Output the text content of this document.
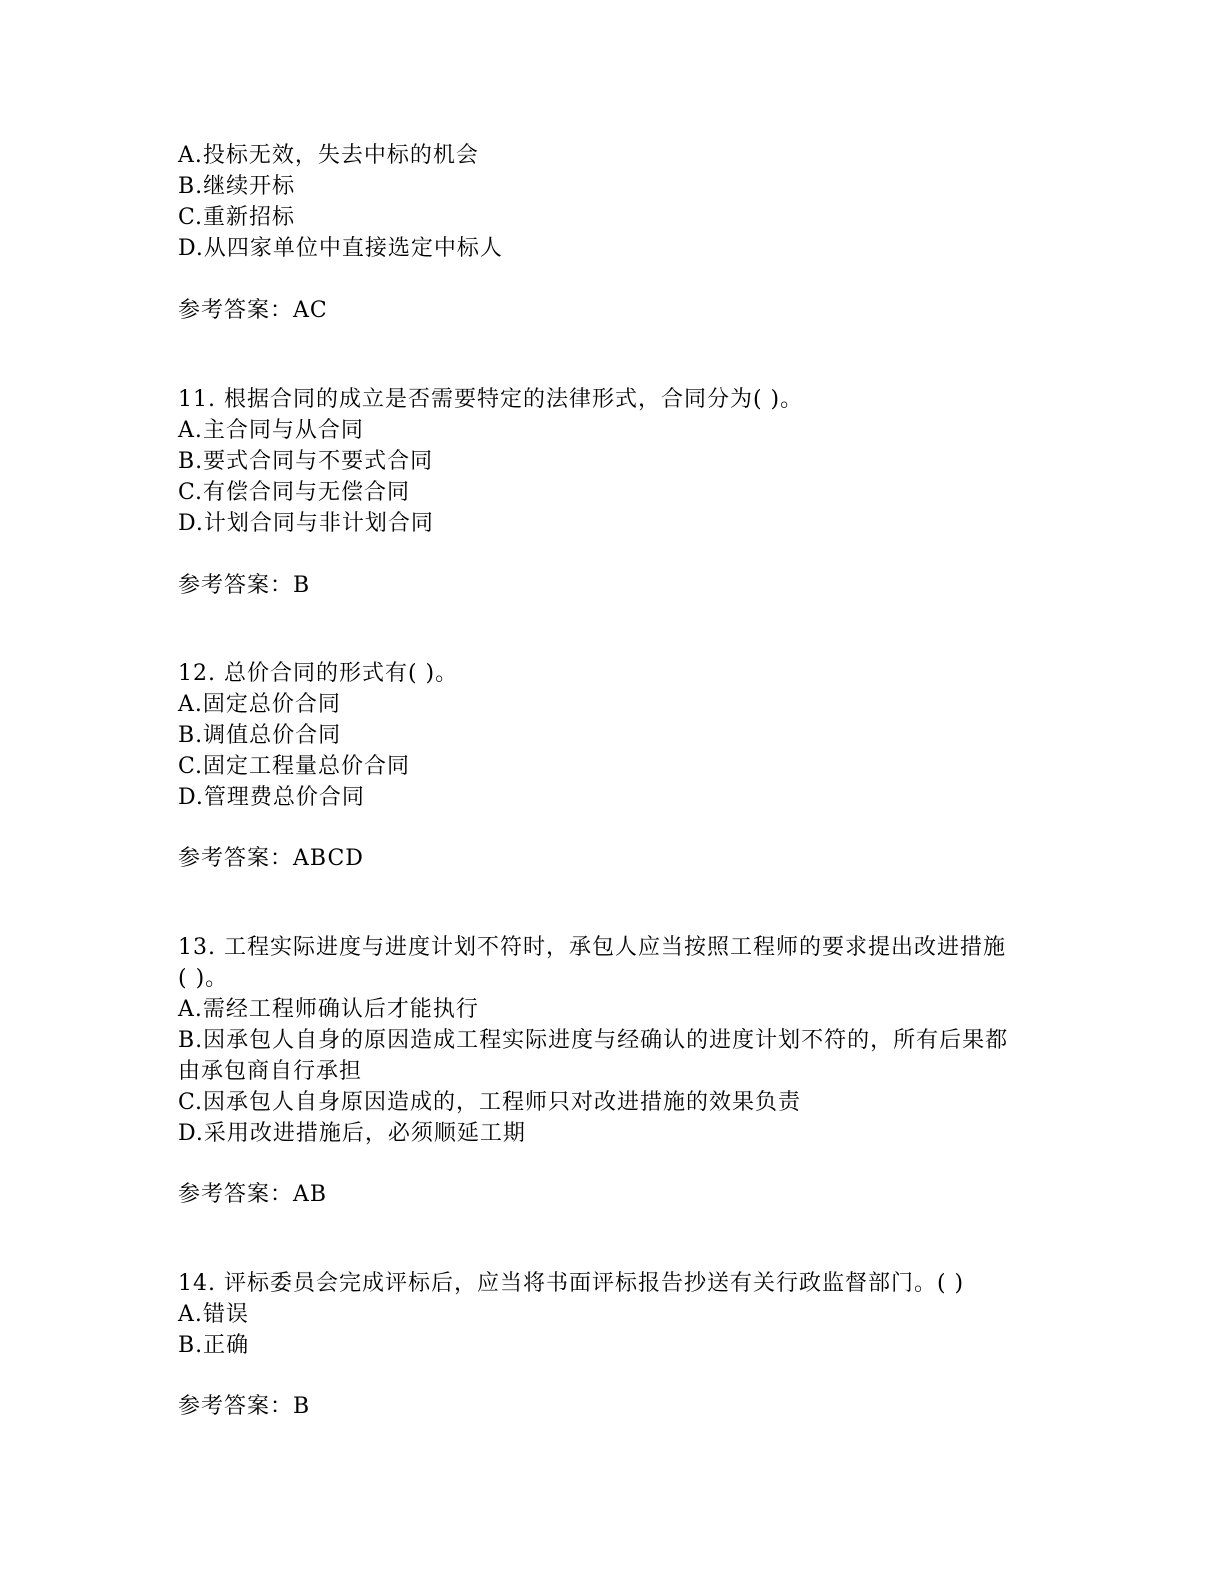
A.投标无效，失去中标的机会
B.继续开标
C.重新招标
D.从四家单位中直接选定中标人
参考答案：AC
11. 根据合同的成立是否需要特定的法律形式，合同分为( )。
A.主合同与从合同
B.要式合同与不要式合同
C.有偿合同与无偿合同
D.计划合同与非计划合同
参考答案：B
12. 总价合同的形式有( )。
A.固定总价合同
B.调值总价合同
C.固定工程量总价合同
D.管理费总价合同
参考答案：ABCD
13. 工程实际进度与进度计划不符时，承包人应当按照工程师的要求提出改进措施
( )。
A.需经工程师确认后才能执行
B.因承包人自身的原因造成工程实际进度与经确认的进度计划不符的，所有后果都
由承包商自行承担
C.因承包人自身原因造成的，工程师只对改进措施的效果负责
D.采用改进措施后，必须顺延工期
参考答案：AB
14. 评标委员会完成评标后，应当将书面评标报告抄送有关行政监督部门。( )
A.错误
B.正确
参考答案：B
